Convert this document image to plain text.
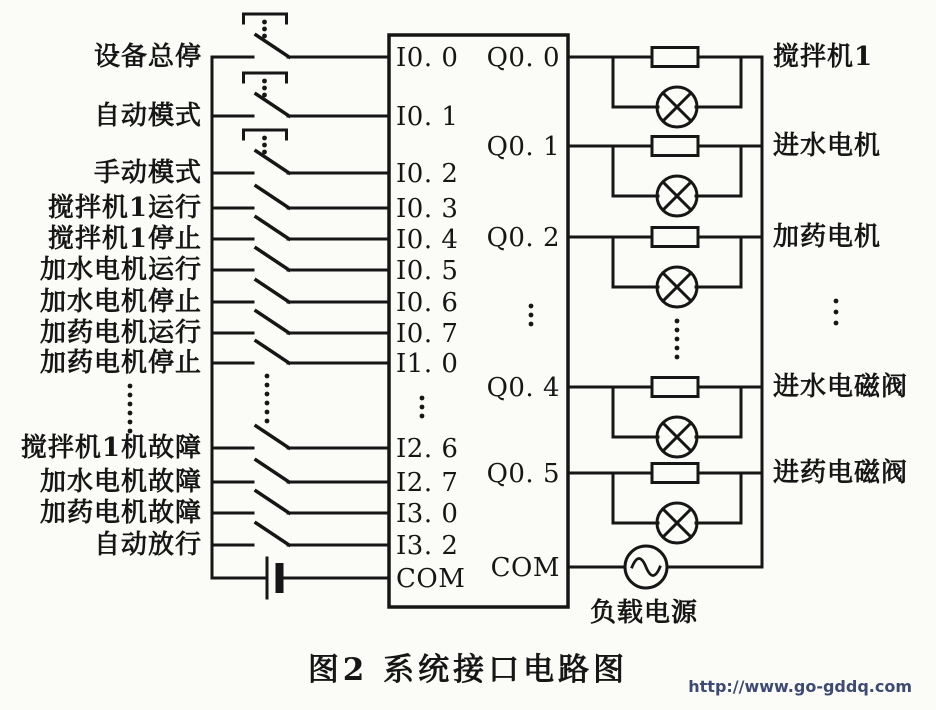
设备总停	I0. 0
自动模式	I0. 1
手动模式	I0. 2
搅拌机1运行	I0. 3
搅拌机1停止	I0. 4
加水电机运行	I0. 5
加水电机停止	I0. 6
加药电机运行	I0. 7
加药电机停止	I1. 0
搅拌机1机故障	I2. 6
加水电机故障	I2. 7
加药电机故障	I3. 0
自动放行	I3. 2
COM
Q0. 0	搅拌机1
Q0. 1	进水电机
Q0. 2	加药电机
Q0. 4	进水电磁阀
Q0. 5	进药电磁阀
COM
负载电源
图2 系统接口电路图	http://www.go-gddq.com
